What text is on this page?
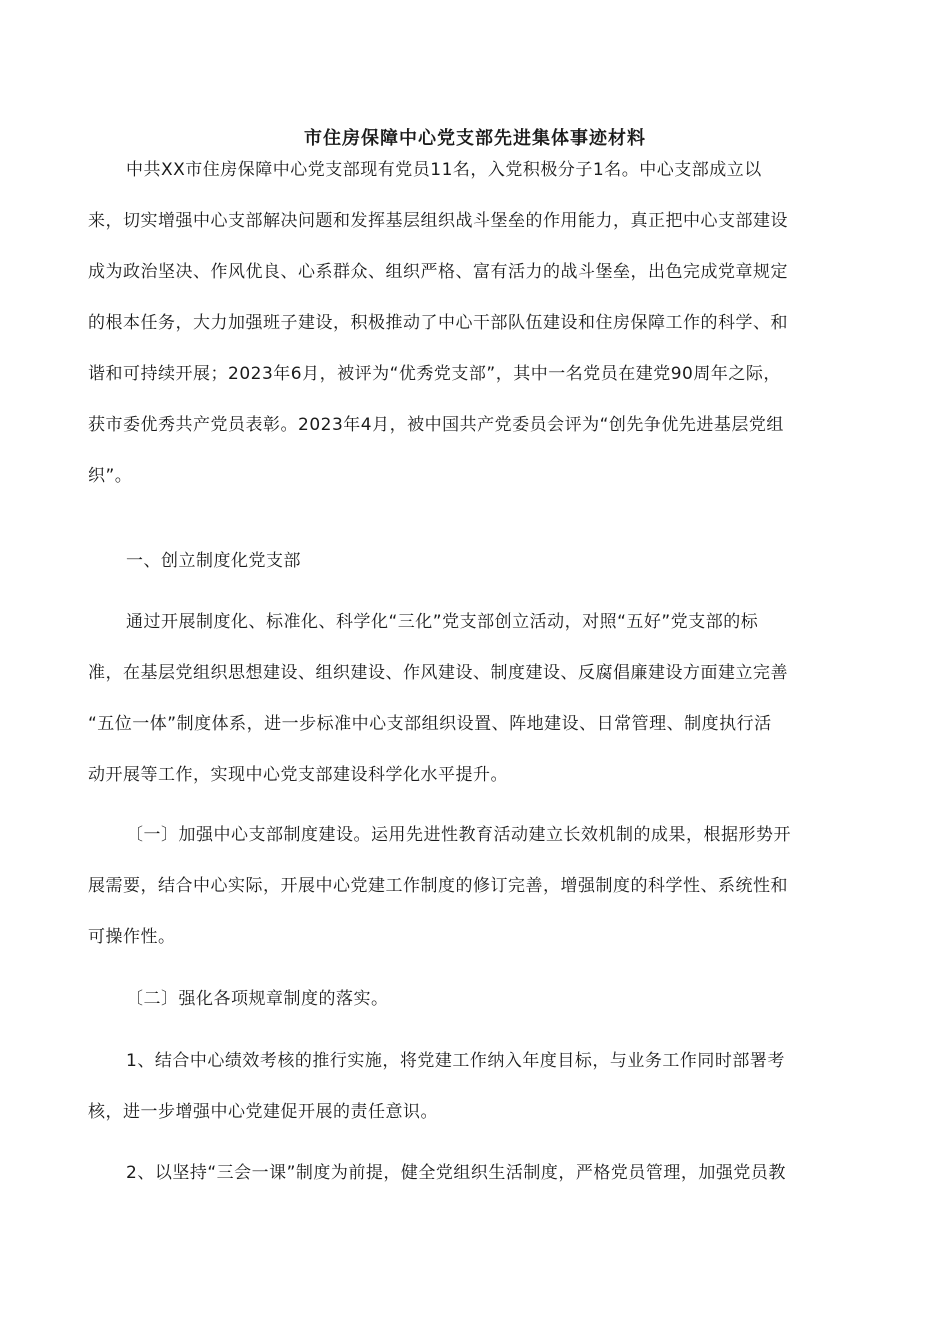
市住房保障中心党支部先进集体事迹材料
中共XX市住房保障中心党支部现有党员11名，入党积极分子1名。中心支部成立以
来，切实增强中心支部解决问题和发挥基层组织战斗堡垒的作用能力，真正把中心支部建设
成为政治坚决、作风优良、心系群众、组织严格、富有活力的战斗堡垒，出色完成党章规定
的根本任务，大力加强班子建设，积极推动了中心干部队伍建设和住房保障工作的科学、和
谐和可持续开展；2023年6月，被评为“优秀党支部”，其中一名党员在建党90周年之际，
获市委优秀共产党员表彰。2023年4月，被中国共产党委员会评为“创先争优先进基层党组
织”。
一、创立制度化党支部
通过开展制度化、标准化、科学化“三化”党支部创立活动，对照“五好”党支部的标
准，在基层党组织思想建设、组织建设、作风建设、制度建设、反腐倡廉建设方面建立完善
“五位一体”制度体系，进一步标准中心支部组织设置、阵地建设、日常管理、制度执行活
动开展等工作，实现中心党支部建设科学化水平提升。
〔一〕加强中心支部制度建设。运用先进性教育活动建立长效机制的成果，根据形势开
展需要，结合中心实际，开展中心党建工作制度的修订完善，增强制度的科学性、系统性和
可操作性。
〔二〕强化各项规章制度的落实。
1、结合中心绩效考核的推行实施，将党建工作纳入年度目标，与业务工作同时部署考
核，进一步增强中心党建促开展的责任意识。
2、以坚持“三会一课”制度为前提，健全党组织生活制度，严格党员管理，加强党员教
